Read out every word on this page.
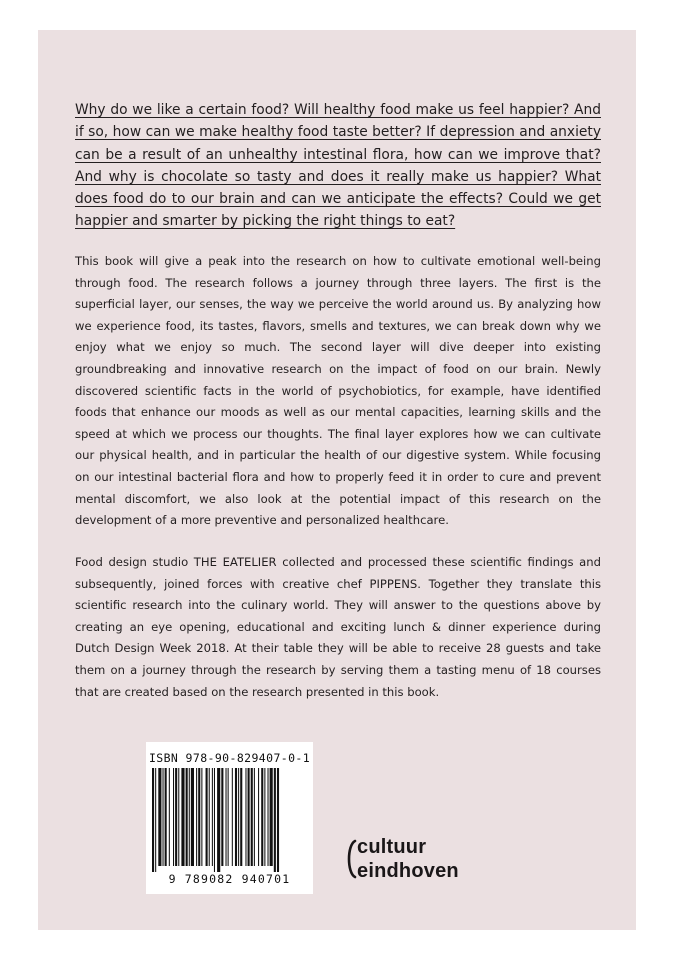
Why do we like a certain food? Will healthy food make us feel happier? And if so, how can we make healthy food taste better? If depression and anxiety can be a result of an unhealthy intestinal flora, how can we improve that? And why is chocolate so tasty and does it really make us happier? What does food do to our brain and can we anticipate the effects? Could we get happier and smarter by picking the right things to eat?

This book will give a peak into the research on how to cultivate emotional well-being through food. The research follows a journey through three layers. The first is the superficial layer, our senses, the way we perceive the world around us. By analyzing how we experience food, its tastes, flavors, smells and textures, we can break down why we enjoy what we enjoy so much. The second layer will dive deeper into existing groundbreaking and innovative research on the impact of food on our brain. Newly discovered scientific facts in the world of psychobiotics, for example, have identified foods that enhance our moods as well as our mental capacities, learning skills and the speed at which we process our thoughts. The final layer explores how we can cultivate our physical health, and in particular the health of our digestive system. While focusing on our intestinal bacterial flora and how to properly feed it in order to cure and prevent mental discomfort, we also look at the potential impact of this research on the development of a more preventive and personalized healthcare.

Food design studio THE EATELIER collected and processed these scientific findings and subsequently, joined forces with creative chef PIPPENS. Together they translate this scientific research into the culinary world. They will answer to the questions above by creating an eye opening, educational and exciting lunch & dinner experience during Dutch Design Week 2018. At their table they will be able to receive 28 guests and take them on a journey through the research by serving them a tasting menu of 18 courses that are created based on the research presented in this book.

ISBN 978-90-829407-0-1
9 789082 940701
cultuur
eindhoven
